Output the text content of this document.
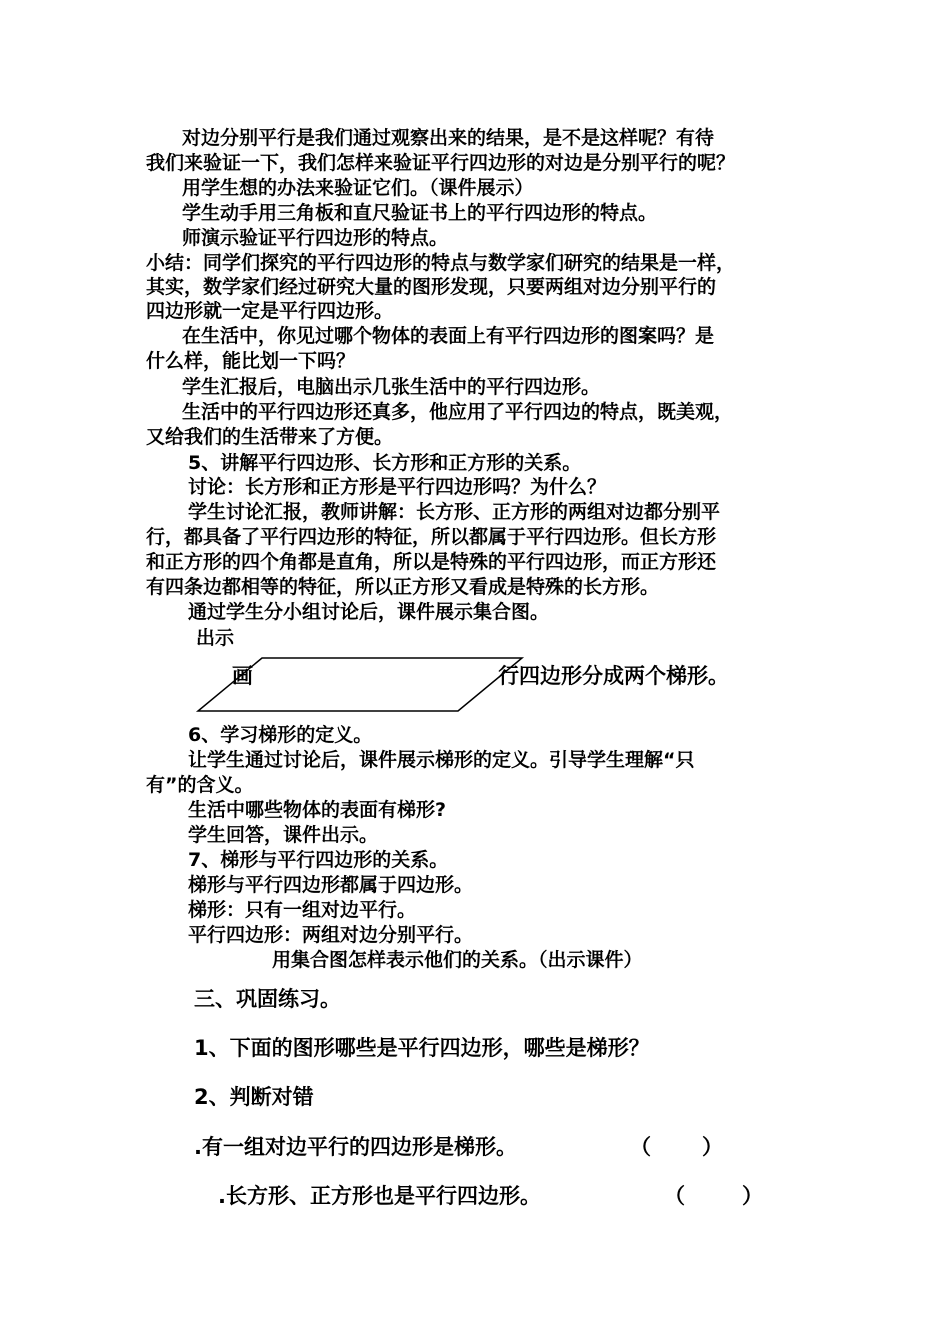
对边分别平行是我们通过观察出来的结果，是不是这样呢？有待
我们来验证一下，我们怎样来验证平行四边形的对边是分别平行的呢？
用学生想的办法来验证它们。（课件展示）
学生动手用三角板和直尺验证书上的平行四边形的特点。
师演示验证平行四边形的特点。
小结：同学们探究的平行四边形的特点与数学家们研究的结果是一样，
其实，数学家们经过研究大量的图形发现，只要两组对边分别平行的
四边形就一定是平行四边形。
在生活中，你见过哪个物体的表面上有平行四边形的图案吗？是
什么样，能比划一下吗？
学生汇报后，电脑出示几张生活中的平行四边形。
生活中的平行四边形还真多，他应用了平行四边的特点，既美观，
又给我们的生活带来了方便。
5、讲解平行四边形、长方形和正方形的关系。
讨论：长方形和正方形是平行四边形吗？为什么？
学生讨论汇报，教师讲解：长方形、正方形的两组对边都分别平
行，都具备了平行四边形的特征，所以都属于平行四边形。但长方形
和正方形的四个角都是直角，所以是特殊的平行四边形，而正方形还
有四条边都相等的特征，所以正方形又看成是特殊的长方形。
通过学生分小组讨论后，课件展示集合图。
出示
画	行四边形分成两个梯形。
6、学习梯形的定义。
让学生通过讨论后，课件展示梯形的定义。引导学生理解“只
有”的含义。
生活中哪些物体的表面有梯形?
学生回答，课件出示。
7、梯形与平行四边形的关系。
梯形与平行四边形都属于四边形。
梯形：只有一组对边平行。
平行四边形：两组对边分别平行。
用集合图怎样表示他们的关系。（出示课件）
三、巩固练习。
1、下面的图形哪些是平行四边形，哪些是梯形？
2、判断对错
.有一组对边平行的四边形是梯形。	（ ）
.长方形、正方形也是平行四边形。	（	）
